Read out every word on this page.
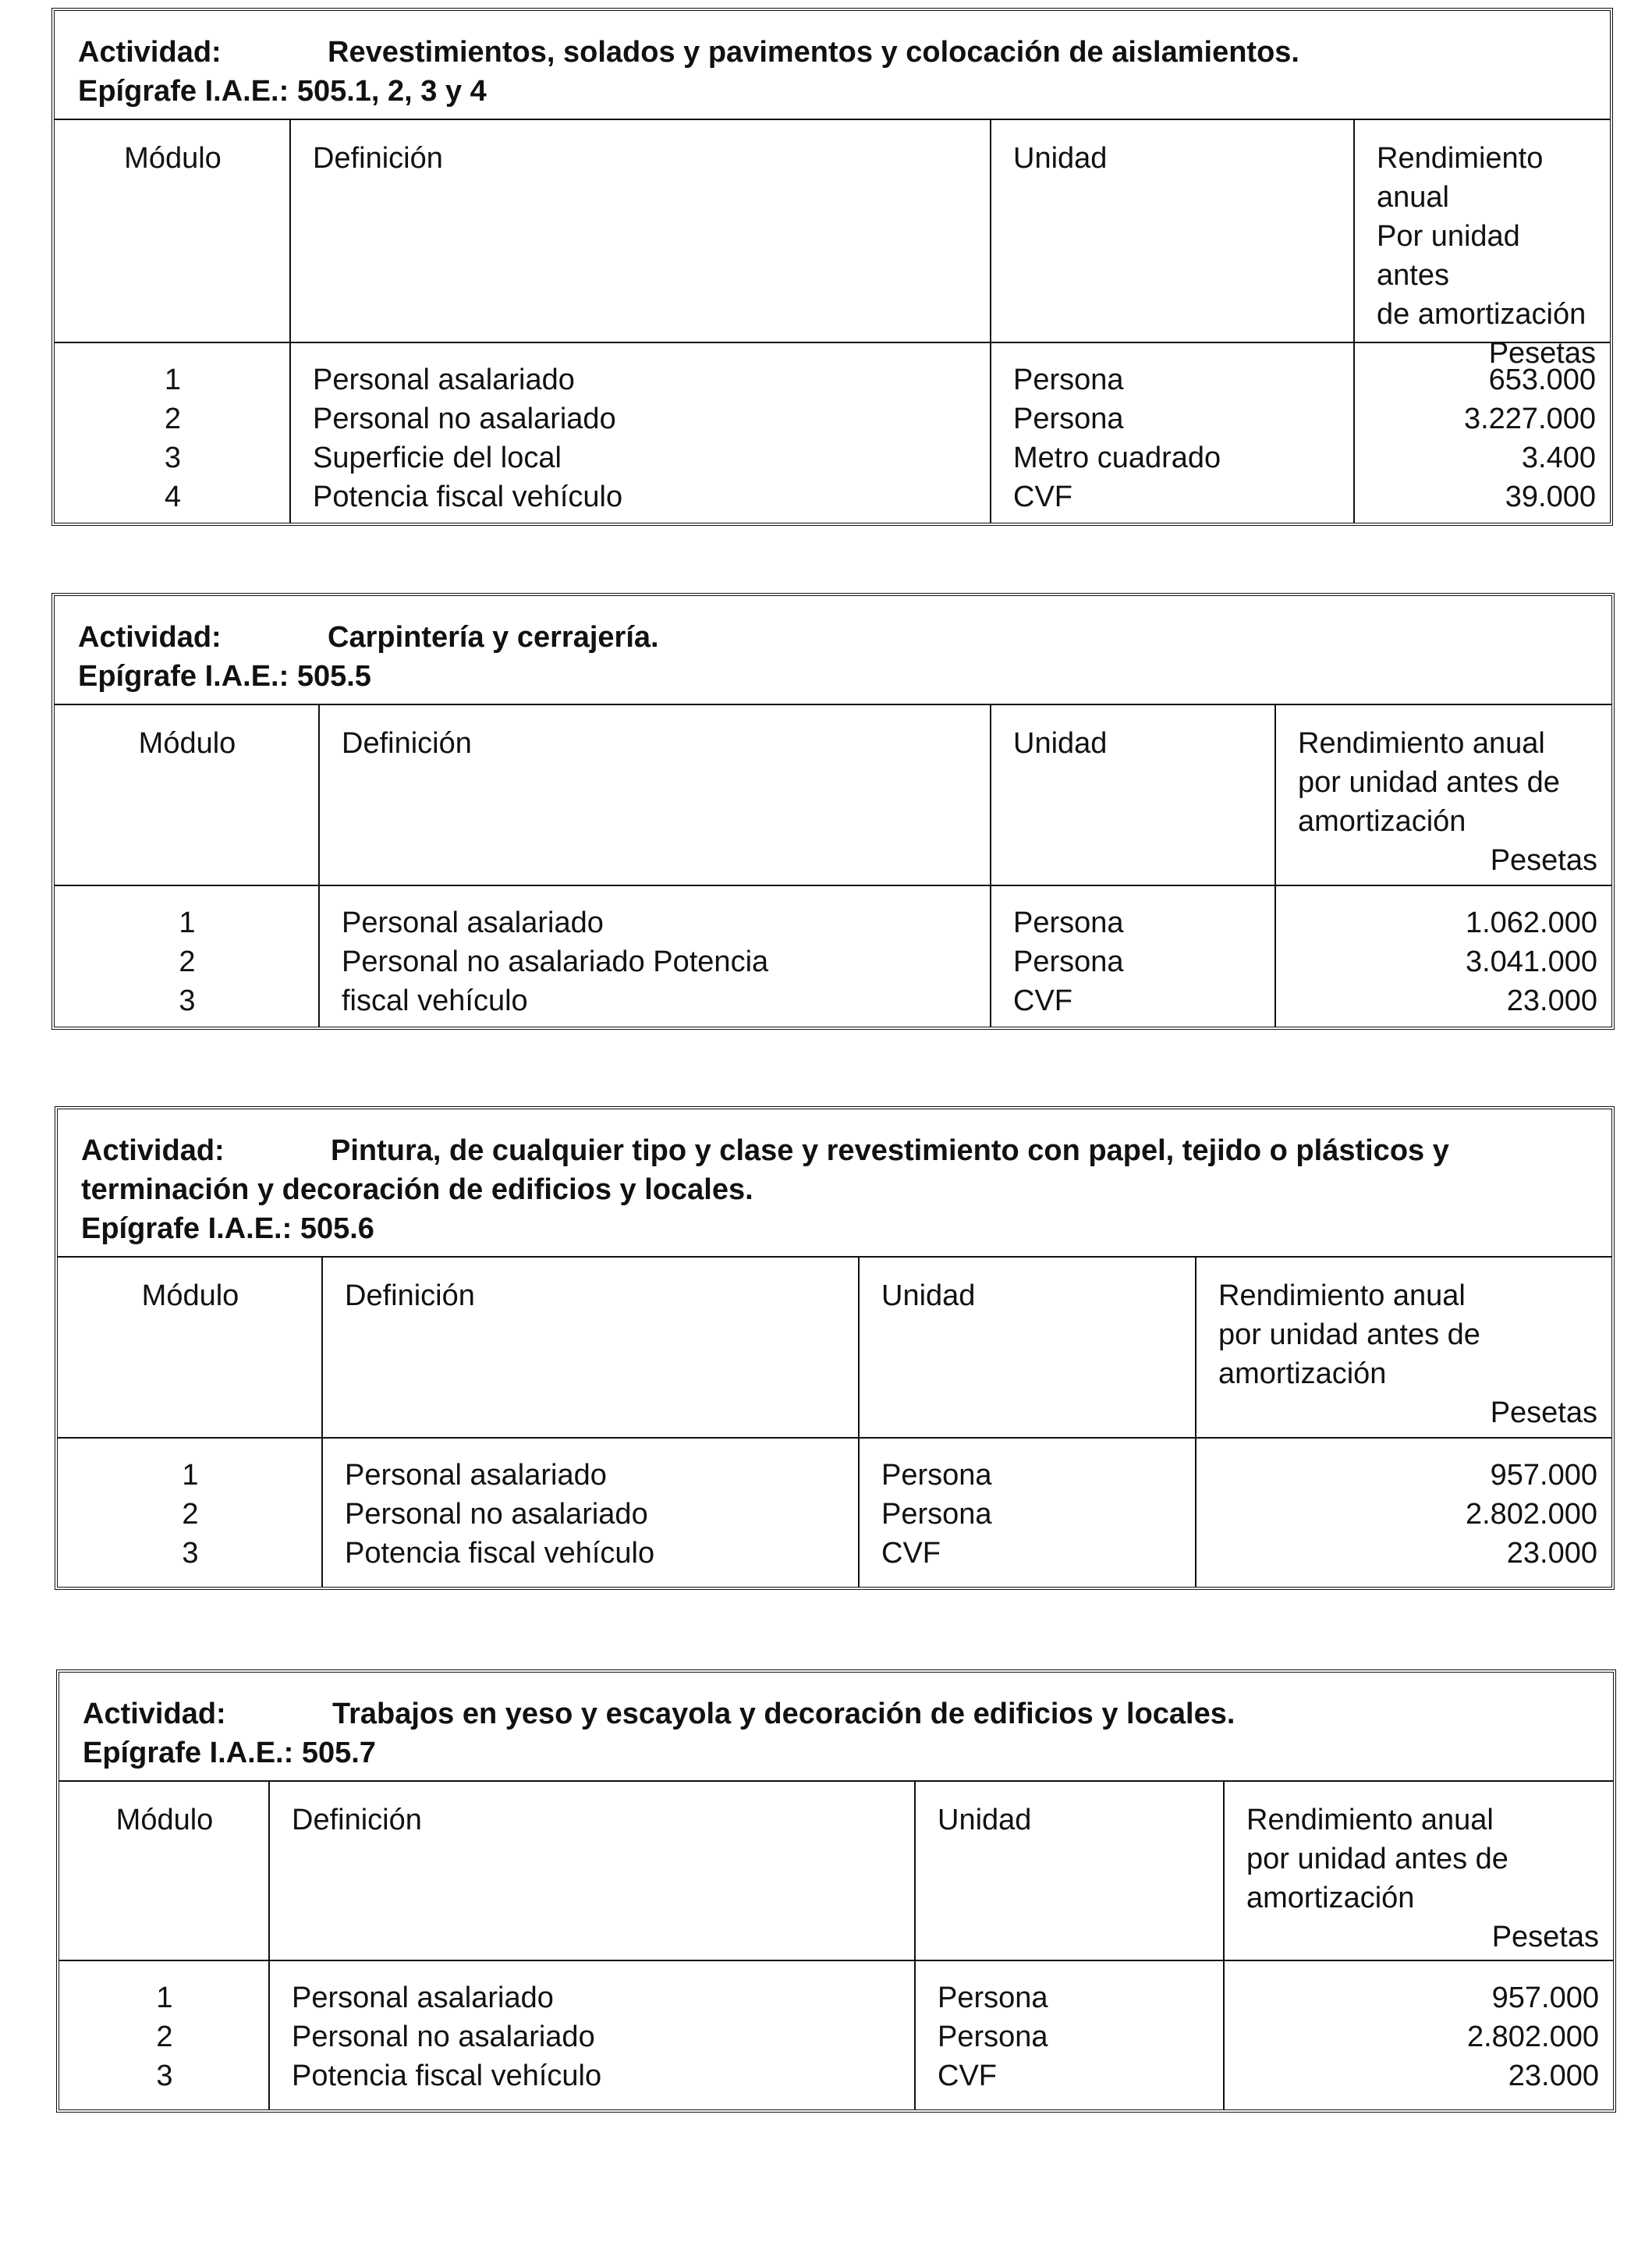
Actividad:	Revestimientos, solados y pavimentos y colocación de aislamientos.
Epígrafe I.A.E.: 505.1, 2, 3 y 4
Módulo	Definición	Unidad	Rendimiento
anual
Por unidad antes
de amortización
Pesetas
1	Personal asalariado	Persona	653.000
2	Personal no asalariado	Persona	3.227.000
3	Superficie del local	Metro cuadrado	3.400
4	Potencia fiscal vehículo	CVF	39.000
Actividad:	Carpintería y cerrajería.
Epígrafe I.A.E.: 505.5
Módulo	Definición	Unidad	Rendimiento anual
por unidad antes de
amortización
Pesetas
1	Personal asalariado	Persona	1.062.000
2	Personal no asalariado Potencia	Persona	3.041.000
3	fiscal vehículo	CVF	23.000
Actividad:	Pintura, de cualquier tipo y clase y revestimiento con papel, tejido o plásticos y terminación y decoración de edificios y locales.
Epígrafe I.A.E.: 505.6
Módulo	Definición	Unidad	Rendimiento anual
por unidad antes de
amortización
Pesetas
1	Personal asalariado	Persona	957.000
2	Personal no asalariado	Persona	2.802.000
3	Potencia fiscal vehículo	CVF	23.000
Actividad:	Trabajos en yeso y escayola y decoración de edificios y locales.
Epígrafe I.A.E.: 505.7
Módulo	Definición	Unidad	Rendimiento anual
por unidad antes de
amortización
Pesetas
1	Personal asalariado	Persona	957.000
2	Personal no asalariado	Persona	2.802.000
3	Potencia fiscal vehículo	CVF	23.000
